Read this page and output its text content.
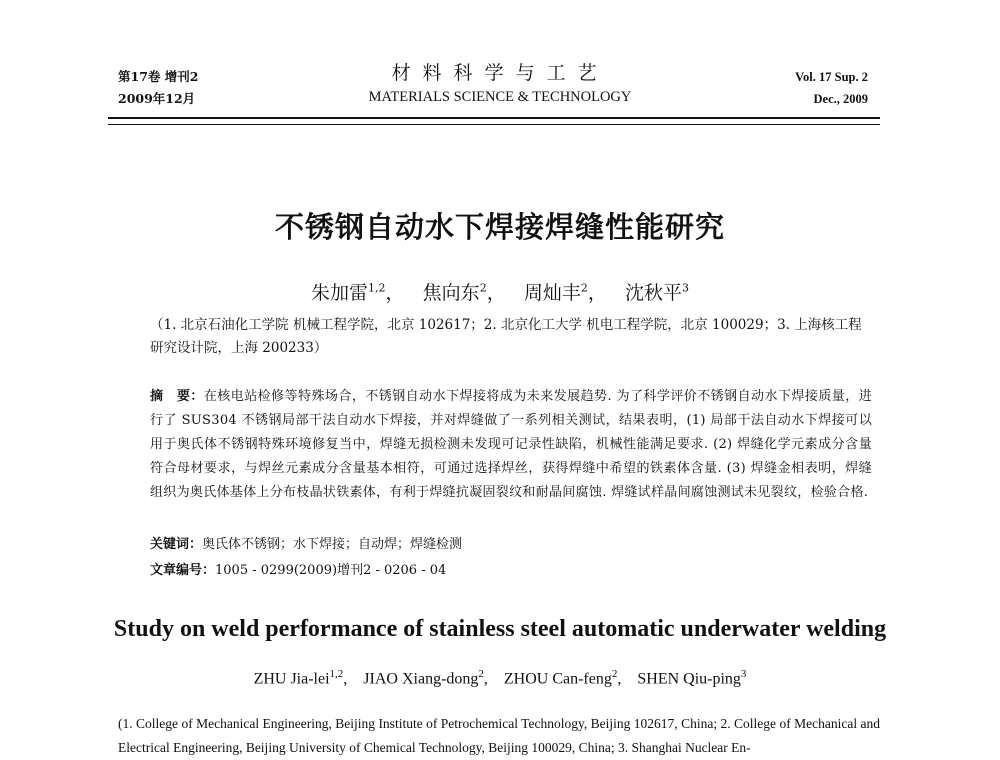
第17卷 增刊2
2009年12月
材料科学与工艺
MATERIALS SCIENCE & TECHNOLOGY
Vol. 17 Sup. 2
Dec., 2009
不锈钢自动水下焊接焊缝性能研究
朱加雷$^{1,2}$，   焦向东$^2$，   周灿丰$^2$，   沈秋平$^3$
（1. 北京石油化工学院 机械工程学院，北京 102617；2. 北京化工大学 机电工程学院，北京 100029；3. 上海核工程研究设计院，上海 200233）
摘　要：在核电站检修等特殊场合，不锈钢自动水下焊接将成为未来发展趋势. 为了科学评价不锈钢自动水下焊接质量，进行了 SUS304 不锈钢局部干法自动水下焊接，并对焊缝做了一系列相关测试，结果表明，(1) 局部干法自动水下焊接可以用于奥氏体不锈钢特殊环境修复当中，焊缝无损检测未发现可记录性缺陷，机械性能满足要求. (2) 焊缝化学元素成分含量符合母材要求，与焊丝元素成分含量基本相符，可通过选择焊丝，获得焊缝中希望的铁素体含量. (3) 焊缝金相表明，焊缝组织为奥氏体基体上分布枝晶状铁素体，有利于焊缝抗凝固裂纹和耐晶间腐蚀. 焊缝试样晶间腐蚀测试未见裂纹，检验合格.
关键词：奥氏体不锈钢；水下焊接；自动焊；焊缝检测
文章编号：1005 - 0299(2009)增刊2 - 0206 - 04
Study on weld performance of stainless steel automatic underwater welding
ZHU Jia-lei$^{1,2}$,    JIAO Xiang-dong$^2$,    ZHOU Can-feng$^2$,    SHEN Qiu-ping$^3$
(1. College of Mechanical Engineering, Beijing Institute of Petrochemical Technology, Beijing 102617, China; 2. College of Mechanical and Electrical Engineering, Beijing University of Chemical Technology, Beijing 100029, China; 3. Shanghai Nuclear En-
